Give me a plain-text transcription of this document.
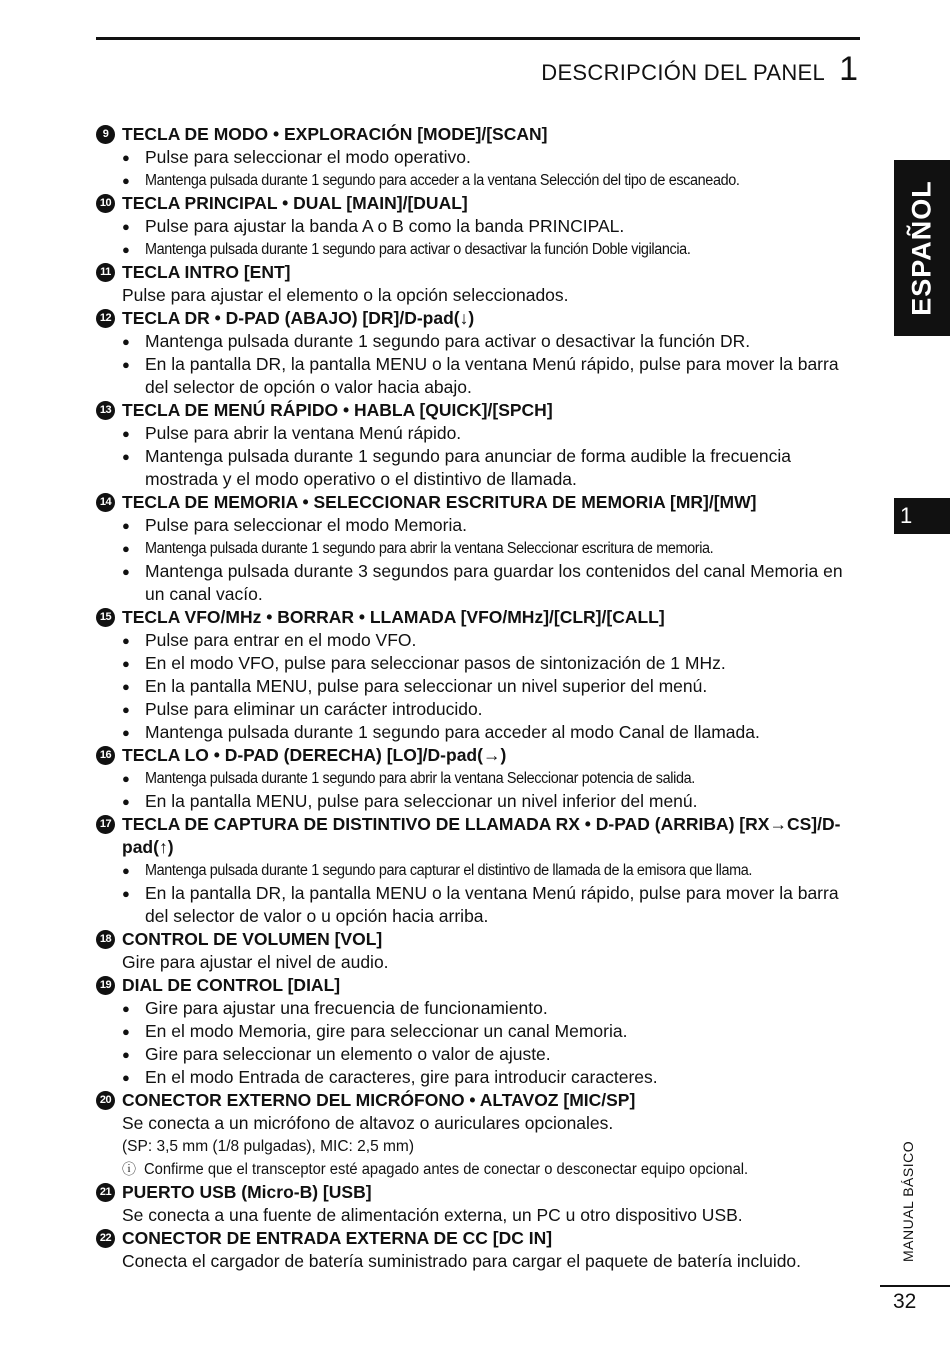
DESCRIPCIÓN DEL PANEL 1
ESPAÑOL
1
9 TECLA DE MODO • EXPLORACIÓN [MODE]/[SCAN]
● Pulse para seleccionar el modo operativo.
● Mantenga pulsada durante 1 segundo para acceder a la ventana Selección del tipo de escaneado.
10 TECLA PRINCIPAL • DUAL [MAIN]/[DUAL]
● Pulse para ajustar la banda A o B como la banda PRINCIPAL.
● Mantenga pulsada durante 1 segundo para activar o desactivar la función Doble vigilancia.
11 TECLA INTRO [ENT]
Pulse para ajustar el elemento o la opción seleccionados.
12 TECLA DR • D-PAD (ABAJO) [DR]/D-pad(↓)
● Mantenga pulsada durante 1 segundo para activar o desactivar la función DR.
● En la pantalla DR, la pantalla MENU o la ventana Menú rápido, pulse para mover la barra del selector de opción o valor hacia abajo.
13 TECLA DE MENÚ RÁPIDO • HABLA [QUICK]/[SPCH]
● Pulse para abrir la ventana Menú rápido.
● Mantenga pulsada durante 1 segundo para anunciar de forma audible la frecuencia mostrada y el modo operativo o el distintivo de llamada.
14 TECLA DE MEMORIA • SELECCIONAR ESCRITURA DE MEMORIA [MR]/[MW]
● Pulse para seleccionar el modo Memoria.
● Mantenga pulsada durante 1 segundo para abrir la ventana Seleccionar escritura de memoria.
● Mantenga pulsada durante 3 segundos para guardar los contenidos del canal Memoria en un canal vacío.
15 TECLA VFO/MHz • BORRAR • LLAMADA [VFO/MHz]/[CLR]/[CALL]
● Pulse para entrar en el modo VFO.
● En el modo VFO, pulse para seleccionar pasos de sintonización de 1 MHz.
● En la pantalla MENU, pulse para seleccionar un nivel superior del menú.
● Pulse para eliminar un carácter introducido.
● Mantenga pulsada durante 1 segundo para acceder al modo Canal de llamada.
16 TECLA LO • D-PAD (DERECHA) [LO]/D-pad(→)
● Mantenga pulsada durante 1 segundo para abrir la ventana Seleccionar potencia de salida.
● En la pantalla MENU, pulse para seleccionar un nivel inferior del menú.
17 TECLA DE CAPTURA DE DISTINTIVO DE LLAMADA RX • D-PAD (ARRIBA) [RX→CS]/D-pad(↑)
● Mantenga pulsada durante 1 segundo para capturar el distintivo de llamada de la emisora que llama.
● En la pantalla DR, la pantalla MENU o la ventana Menú rápido, pulse para mover la barra del selector de valor o u opción hacia arriba.
18 CONTROL DE VOLUMEN [VOL]
Gire para ajustar el nivel de audio.
19 DIAL DE CONTROL [DIAL]
● Gire para ajustar una frecuencia de funcionamiento.
● En el modo Memoria, gire para seleccionar un canal Memoria.
● Gire para seleccionar un elemento o valor de ajuste.
● En el modo Entrada de caracteres, gire para introducir caracteres.
20 CONECTOR EXTERNO DEL MICRÓFONO • ALTAVOZ [MIC/SP]
Se conecta a un micrófono de altavoz o auriculares opcionales.
(SP: 3,5 mm (1/8 pulgadas), MIC: 2,5 mm)
ⓘ Confirme que el transceptor esté apagado antes de conectar o desconectar equipo opcional.
21 PUERTO USB (Micro-B) [USB]
Se conecta a una fuente de alimentación externa, un PC u otro dispositivo USB.
22 CONECTOR DE ENTRADA EXTERNA DE CC [DC IN]
Conecta el cargador de batería suministrado para cargar el paquete de batería incluido.	MANUAL BÁSICO
32
